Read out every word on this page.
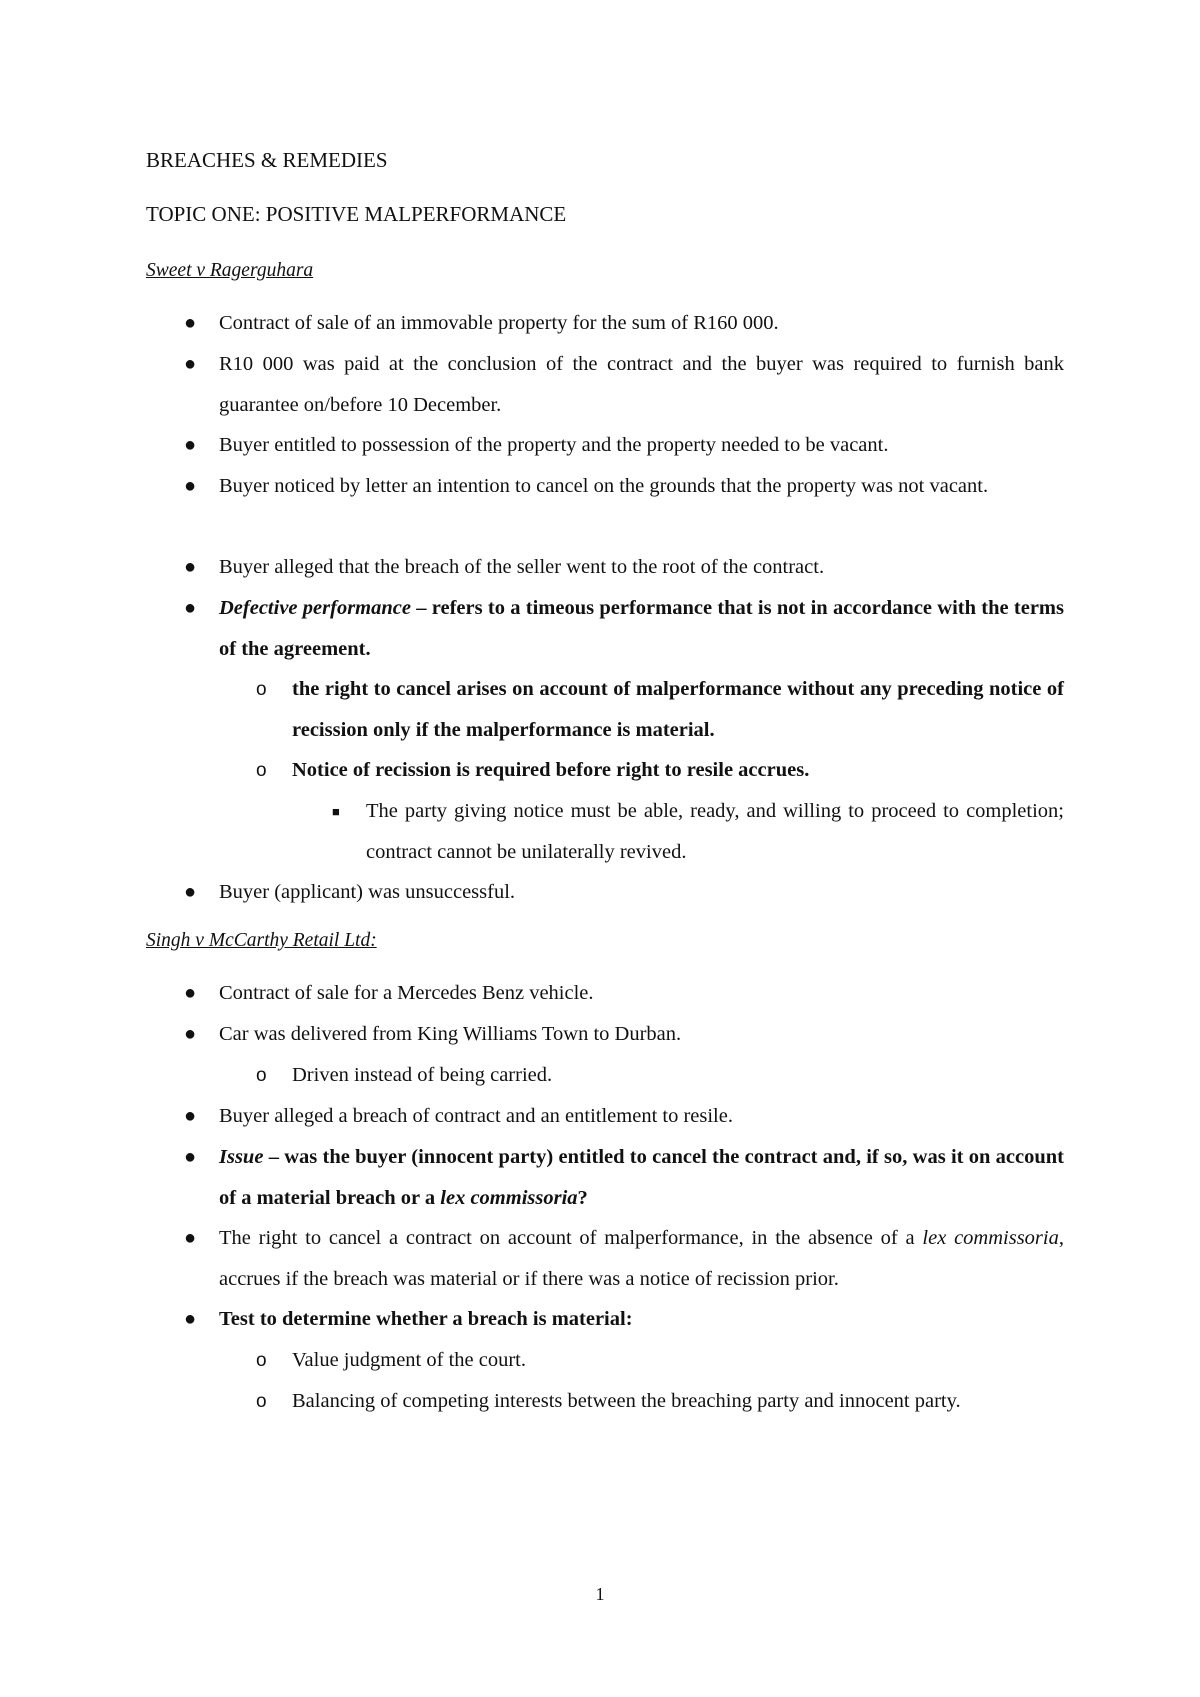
BREACHES & REMEDIES
TOPIC ONE: POSITIVE MALPERFORMANCE
Sweet v Ragerguhara
● Contract of sale of an immovable property for the sum of R160 000.
● R10 000 was paid at the conclusion of the contract and the buyer was required to furnish bank guarantee on/before 10 December.
● Buyer entitled to possession of the property and the property needed to be vacant.
● Buyer noticed by letter an intention to cancel on the grounds that the property was not vacant.
● Buyer alleged that the breach of the seller went to the root of the contract.
● Defective performance – refers to a timeous performance that is not in accordance with the terms of the agreement.
o the right to cancel arises on account of malperformance without any preceding notice of recission only if the malperformance is material.
o Notice of recission is required before right to resile accrues.
■ The party giving notice must be able, ready, and willing to proceed to completion; contract cannot be unilaterally revived.
● Buyer (applicant) was unsuccessful.
Singh v McCarthy Retail Ltd:
● Contract of sale for a Mercedes Benz vehicle.
● Car was delivered from King Williams Town to Durban.
o Driven instead of being carried.
● Buyer alleged a breach of contract and an entitlement to resile.
● Issue – was the buyer (innocent party) entitled to cancel the contract and, if so, was it on account of a material breach or a lex commissoria?
● The right to cancel a contract on account of malperformance, in the absence of a lex commissoria, accrues if the breach was material or if there was a notice of recission prior.
● Test to determine whether a breach is material:
o Value judgment of the court.
o Balancing of competing interests between the breaching party and innocent party.
1
